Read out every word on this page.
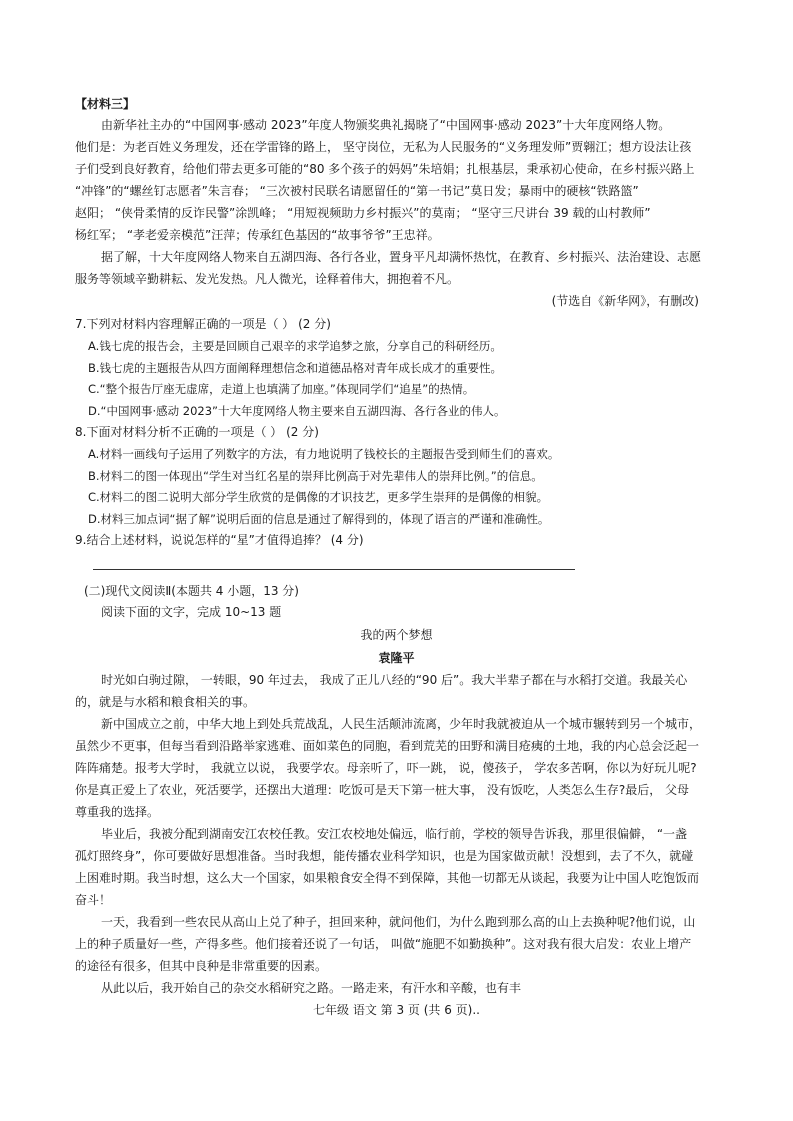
【材料三】
由新华社主办的“中国网事·感动 2023”年度人物颁奖典礼揭晓了“中国网事·感动 2023”十大年度网络人物。
他们是：为老百姓义务理发，还在学雷锋的路上， 坚守岗位，无私为人民服务的“义务理发师”贾翱江；想方设法让孩
子们受到良好教育，给他们带去更多可能的“80 多个孩子的妈妈”朱培娟；扎根基层，秉承初心使命，在乡村振兴路上
“冲锋”的“螺丝钉志愿者”朱言春； “三次被村民联名请愿留任的“第一书记”莫日发；暴雨中的硬核“铁路篮”
赵阳； “侠骨柔情的反诈民警”涂凯峰； “用短视频助力乡村振兴”的莫南； “坚守三尺讲台 39 载的山村教师”
杨红军； “孝老爱亲模范”汪萍；传承红色基因的“故事爷爷”王忠祥。
据了解，十大年度网络人物来自五湖四海、各行各业，置身平凡却满怀热忱，在教育、乡村振兴、法治建设、志愿
服务等领域辛勤耕耘、发光发热。凡人微光，诠释着伟大，拥抱着不凡。
(节选自《新华网》，有删改)
7.下列对材料内容理解正确的一项是（ ） (2 分)
A.钱七虎的报告会，主要是回顾自己艰辛的求学追梦之旅，分享自己的科研经历。
B.钱七虎的主题报告从四方面阐释理想信念和道德品格对青年成长成才的重要性。
C.“整个报告厅座无虚席，走道上也填满了加座。”体现同学们“追星”的热情。
D.“中国网事·感动 2023”十大年度网络人物主要来自五湖四海、各行各业的伟人。
8.下面对材料分析不正确的一项是（ ） (2 分)
A.材料一画线句子运用了列数字的方法，有力地说明了钱校长的主题报告受到师生们的喜欢。
B.材料二的图一体现出“学生对当红名星的崇拜比例高于对先辈伟人的崇拜比例。”的信息。
C.材料二的图二说明大部分学生欣赏的是偶像的才识技艺，更多学生崇拜的是偶像的相貌。
D.材料三加点词“据了解”说明后面的信息是通过了解得到的，体现了语言的严谨和准确性。
9.结合上述材料，说说怎样的“星”才值得追捧？ (4 分)
(二)现代文阅读Ⅱ(本题共 4 小题，13 分)
阅读下面的文字，完成 10~13 题
我的两个梦想
袁隆平
时光如白驹过隙， 一转眼，90 年过去， 我成了正儿八经的“90 后”。我大半辈子都在与水稻打交道。我最关心
的，就是与水稻和粮食相关的事。
新中国成立之前，中华大地上到处兵荒战乱，人民生活颠沛流离，少年时我就被迫从一个城市辗转到另一个城市，
虽然少不更事，但每当看到沿路举家逃难、面如菜色的同胞，看到荒芜的田野和满目疮痍的土地，我的内心总会泛起一
阵阵痛楚。报考大学时， 我就立以说， 我要学农。母亲听了，吓一跳， 说，傻孩子， 学农多苦啊，你以为好玩儿呢?
你是真正爱上了农业，死活要学，还摆出大道理：吃饭可是天下第一桩大事， 没有饭吃，人类怎么生存?最后， 父母
尊重我的选择。
毕业后，我被分配到湖南安江农校任教。安江农校地处偏远，临行前，学校的领导告诉我，那里很偏僻， “一盏
孤灯照终身”，你可要做好思想准备。当时我想，能传播农业科学知识，也是为国家做贡献！没想到，去了不久，就碰
上困难时期。我当时想，这么大一个国家，如果粮食安全得不到保障，其他一切都无从谈起，我要为让中国人吃饱饭而
奋斗！
一天，我看到一些农民从高山上兑了种子，担回来种，就问他们，为什么跑到那么高的山上去换种呢?他们说，山
上的种子质量好一些，产得多些。他们接着还说了一句话， 叫做“施肥不如勤换种”。这对我有很大启发：农业上增产
的途径有很多，但其中良种是非常重要的因素。
从此以后，我开始自己的杂交水稻研究之路。一路走来，有汗水和辛酸，也有丰
七年级 语文 第 3 页 (共 6 页)..
